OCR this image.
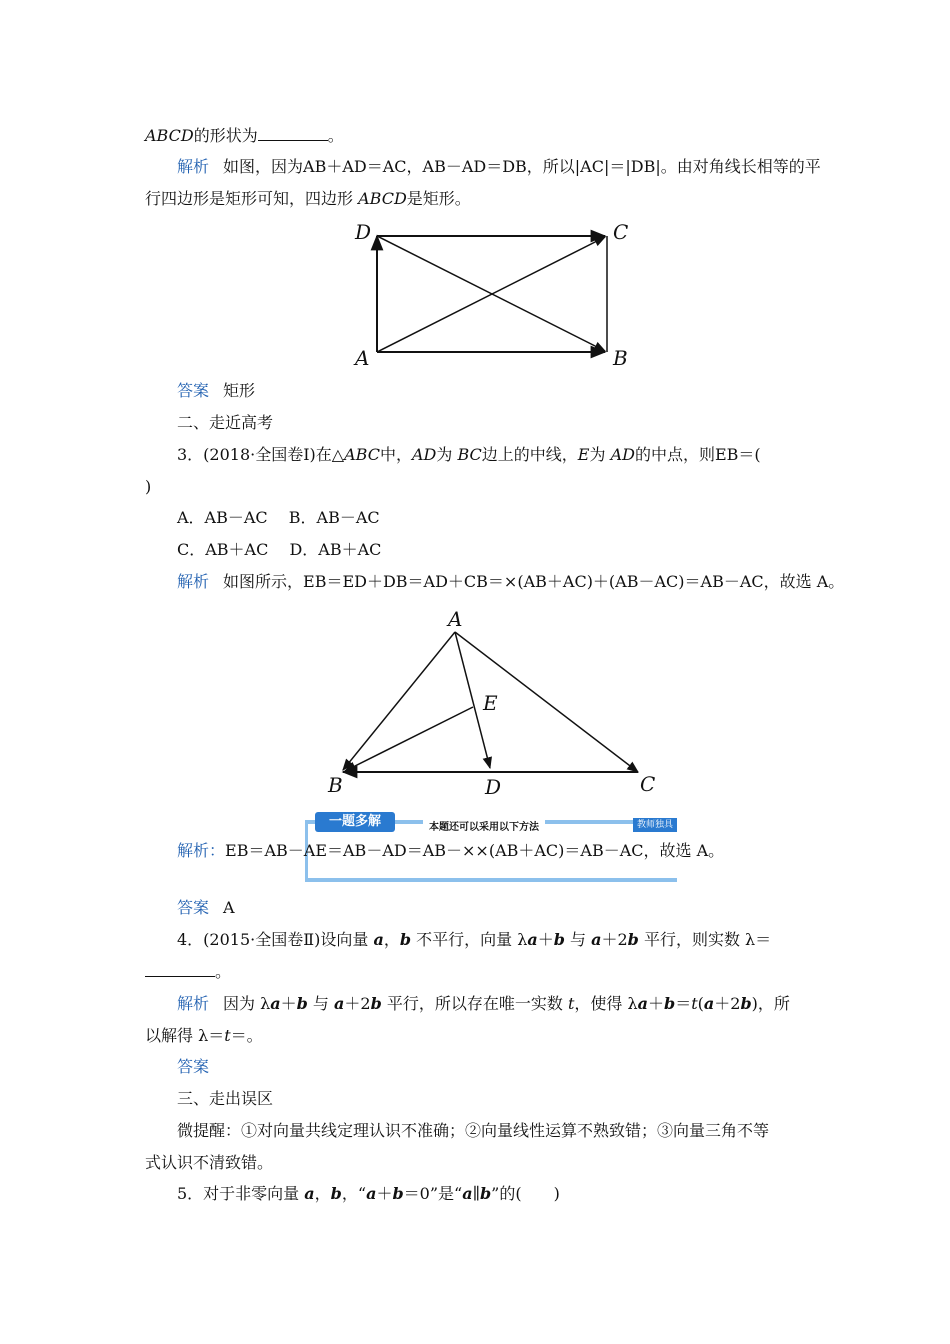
ABCD的形状为	。
解析 如图，因为AB＋AD＝AC，AB－AD＝DB，所以|AC|＝|DB|。由对角线长相等的平
行四边形是矩形可知，四边形 ABCD是矩形。
D	C
A	B
答案 矩形
二、走近高考
3．(2018·全国卷Ⅰ)在△ABC中，AD为 BC边上的中线，E为 AD的中点，则EB＝(
)
A．AB－AC　 B．AB－AC
C．AB＋AC　 D．AB＋AC
解析 如图所示，EB＝ED＋DB＝AD＋CB＝×(AB＋AC)＋(AB－AC)＝AB－AC，故选 A。
A
E
B	D	C
一题多解	本题还可以采用以下方法	教师独具
解析：EB＝AB－AE＝AB－AD＝AB－××(AB＋AC)＝AB－AC，故选 A。
答案 A
4．(2015·全国卷Ⅱ)设向量 a，b 不平行，向量 λa＋b 与 a＋2b 平行，则实数 λ＝
。
解析 因为 λa＋b 与 a＋2b 平行，所以存在唯一实数 t，使得 λa＋b＝t(a＋2b)，所
以解得 λ＝t＝。
答案
三、走出误区
微提醒：①对向量共线定理认识不准确；②向量线性运算不熟致错；③向量三角不等
式认识不清致错。
5．对于非零向量 a，b，“a＋b＝0”是“a∥b”的(　　)
